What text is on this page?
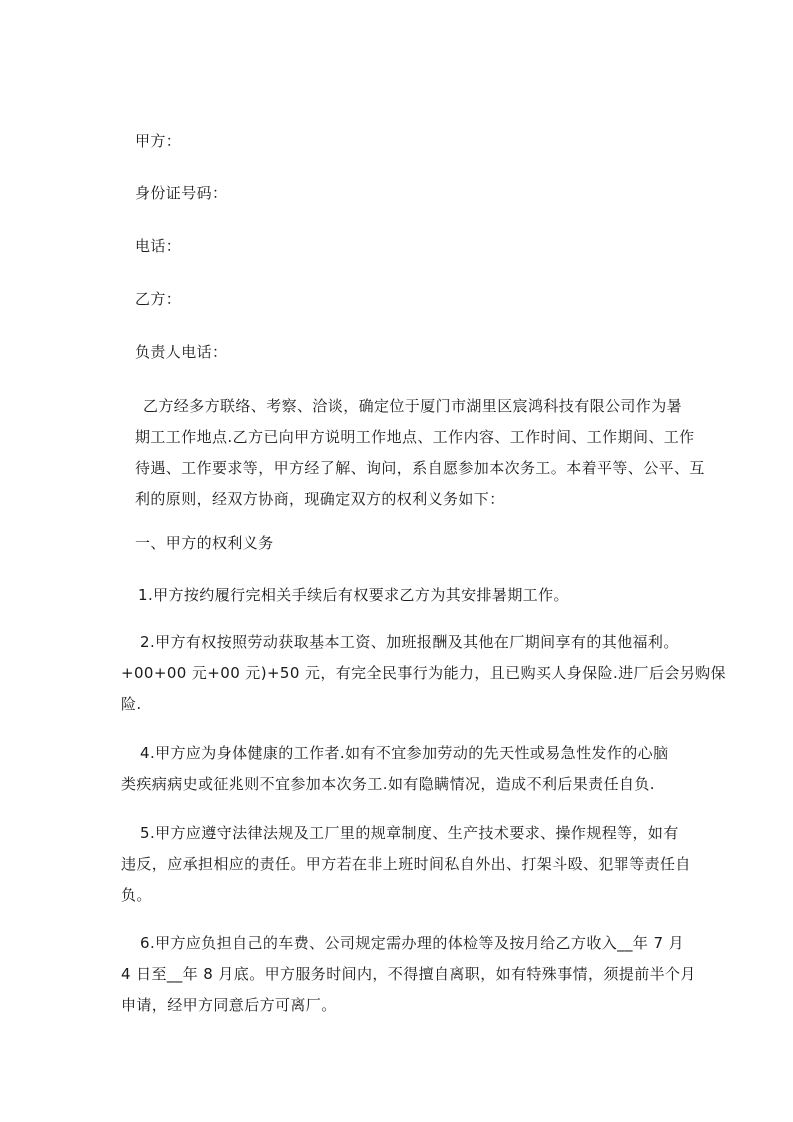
甲方：
身份证号码：
电话：
乙方：
负责人电话：
乙方经多方联络、考察、洽谈，确定位于厦门市湖里区宸鸿科技有限公司作为暑
期工工作地点.乙方已向甲方说明工作地点、工作内容、工作时间、工作期间、工作
待遇、工作要求等，甲方经了解、询问，系自愿参加本次务工。本着平等、公平、互
利的原则，经双方协商，现确定双方的权利义务如下：
一、甲方的权利义务
1.甲方按约履行完相关手续后有权要求乙方为其安排暑期工作。
2.甲方有权按照劳动获取基本工资、加班报酬及其他在厂期间享有的其他福利。
+00+00 元+00 元)+50 元，有完全民事行为能力，且已购买人身保险.进厂后会另购保
险.
4.甲方应为身体健康的工作者.如有不宜参加劳动的先天性或易急性发作的心脑
类疾病病史或征兆则不宜参加本次务工.如有隐瞒情况，造成不利后果责任自负.
5.甲方应遵守法律法规及工厂里的规章制度、生产技术要求、操作规程等，如有
违反，应承担相应的责任。甲方若在非上班时间私自外出、打架斗殴、犯罪等责任自
负。
6.甲方应负担自己的车费、公司规定需办理的体检等及按月给乙方收入__年 7 月
4 日至__年 8 月底。甲方服务时间内，不得擅自离职，如有特殊事情，须提前半个月
申请，经甲方同意后方可离厂。
